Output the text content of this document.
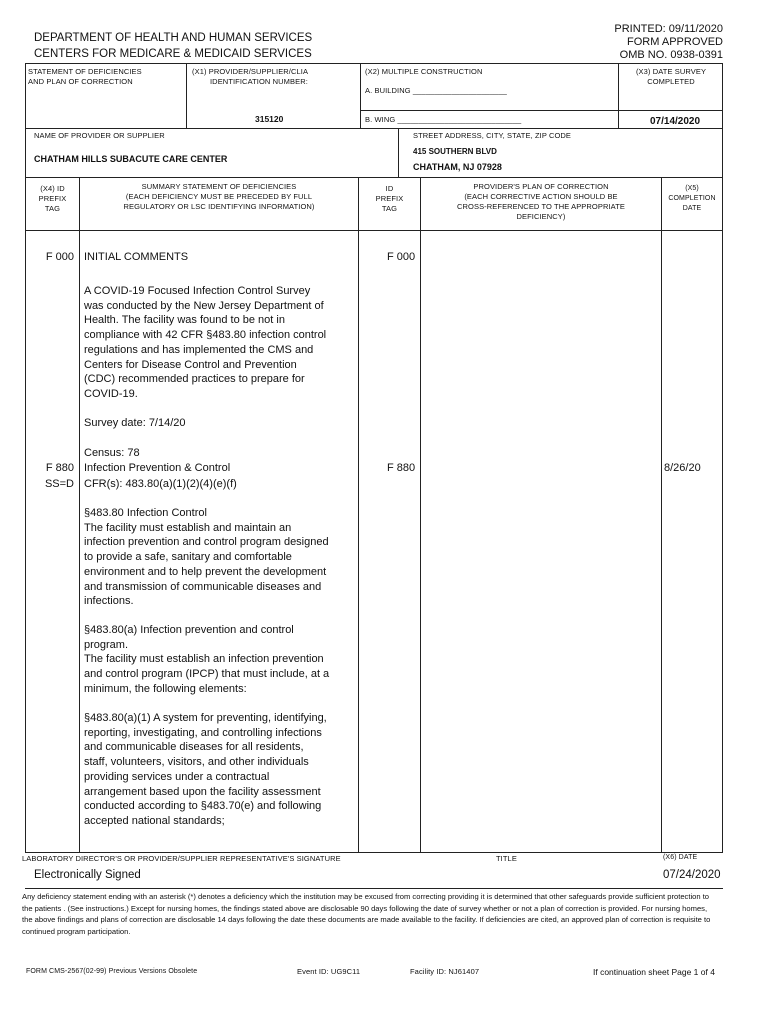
DEPARTMENT OF HEALTH AND HUMAN SERVICES
CENTERS FOR MEDICARE & MEDICAID SERVICES
PRINTED: 09/11/2020
FORM APPROVED
OMB NO. 0938-0391
STATEMENT OF DEFICIENCIES
AND PLAN OF CORRECTION
(X1) PROVIDER/SUPPLIER/CLIA
IDENTIFICATION NUMBER:
315120
(X2) MULTIPLE CONSTRUCTION
A. BUILDING ______________________
B. WING _____________________________
(X3) DATE SURVEY
COMPLETED
07/14/2020
NAME OF PROVIDER OR SUPPLIER
CHATHAM HILLS SUBACUTE CARE CENTER
STREET ADDRESS, CITY, STATE, ZIP CODE
415 SOUTHERN BLVD
CHATHAM, NJ 07928
(X4) ID
PREFIX
TAG
SUMMARY STATEMENT OF DEFICIENCIES
(EACH DEFICIENCY MUST BE PRECEDED BY FULL
REGULATORY OR LSC IDENTIFYING INFORMATION)
ID
PREFIX
TAG
PROVIDER'S PLAN OF CORRECTION
(EACH CORRECTIVE ACTION SHOULD BE
CROSS-REFERENCED TO THE APPROPRIATE
DEFICIENCY)
(X5)
COMPLETION
DATE
F 000 INITIAL COMMENTS	F 000
A COVID-19 Focused Infection Control Survey was conducted by the New Jersey Department of Health. The facility was found to be not in compliance with 42 CFR §483.80 infection control regulations and has implemented the CMS and Centers for Disease Control and Prevention (CDC) recommended practices to prepare for COVID-19.
Survey date: 7/14/20
Census: 78
F 880
SS=D
Infection Prevention & Control
CFR(s): 483.80(a)(1)(2)(4)(e)(f)
F 880	8/26/20
§483.80 Infection Control
The facility must establish and maintain an infection prevention and control program designed to provide a safe, sanitary and comfortable environment and to help prevent the development and transmission of communicable diseases and infections.
§483.80(a) Infection prevention and control program.
The facility must establish an infection prevention and control program (IPCP) that must include, at a minimum, the following elements:
§483.80(a)(1) A system for preventing, identifying, reporting, investigating, and controlling infections and communicable diseases for all residents, staff, volunteers, visitors, and other individuals providing services under a contractual arrangement based upon the facility assessment conducted according to §483.70(e) and following accepted national standards;
LABORATORY DIRECTOR'S OR PROVIDER/SUPPLIER REPRESENTATIVE'S SIGNATURE	TITLE	(X6) DATE
Electronically Signed	07/24/2020
Any deficiency statement ending with an asterisk (*) denotes a deficiency which the institution may be excused from correcting providing it is determined that other safeguards provide sufficient protection to the patients . (See instructions.) Except for nursing homes, the findings stated above are disclosable 90 days following the date of survey whether or not a plan of correction is provided. For nursing homes, the above findings and plans of correction are disclosable 14 days following the date these documents are made available to the facility. If deficiencies are cited, an approved plan of correction is requisite to continued program participation.
FORM CMS-2567(02-99) Previous Versions Obsolete	Event ID: UG9C11	Facility ID: NJ61407	If continuation sheet Page 1 of 4
